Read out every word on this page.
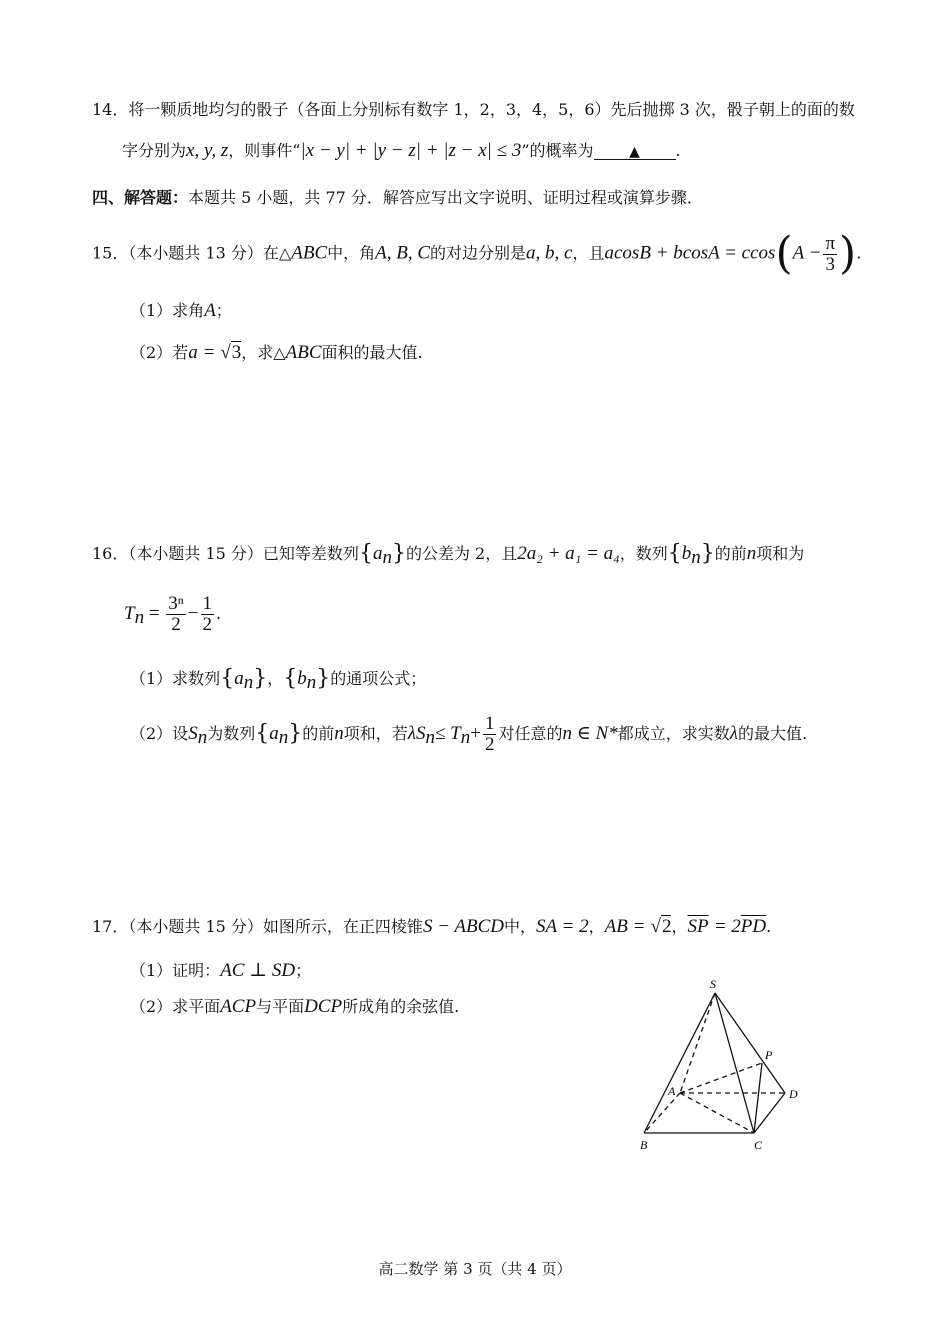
14．将一颗质地均匀的骰子（各面上分别标有数字 1，2，3，4，5，6）先后抛掷 3 次，骰子朝上的面的数
字分别为x, y, z，则事件“|x − y| + |y − z| + |z − x| ≤ 3”的概率为	▲ .
四、解答题：本题共 5 小题，共 77 分．解答应写出文字说明、证明过程或演算步骤．
15．（本小题共 13 分）在△ABC中，角A, B, C的对边分别是a, b, c，且$acosB + bcosA = ccos(A - \frac{\pi}{3}$ ).
（1）求角A；
（2）若a = √3，求△ABC面积的最大值.
16．（本小题共 15 分）已知等差数列$\{a_n\}$的公差为 2，且2a₂ + a₁ = a₄，数列$\{b_n\}$的前n项和为
$T_n = \frac{\text{3ⁿ}}{2} - \frac{1}{2}$ .
（1）求数列$\{a_n\}$，$\{b_n\}$的通项公式；
（2）设$S_n$为数列$\{a_n\}$的前n项和，若$\lambda S_n\le T_n+ \frac{1}{2}$ 对任意的n ∈ N*都成立，求实数λ的最大值.
17．（本小题共 15 分）如图所示，在正四棱锥S − ABCD中，SA = 2，AB = √2，$\overline{SP} = 2\overline{PD}$.
（1）证明：AC ⊥ SD；
（2）求平面ACP与平面DCP所成角的余弦值.
S
P
A	D
B	C
高二数学 第 3 页（共 4 页）
